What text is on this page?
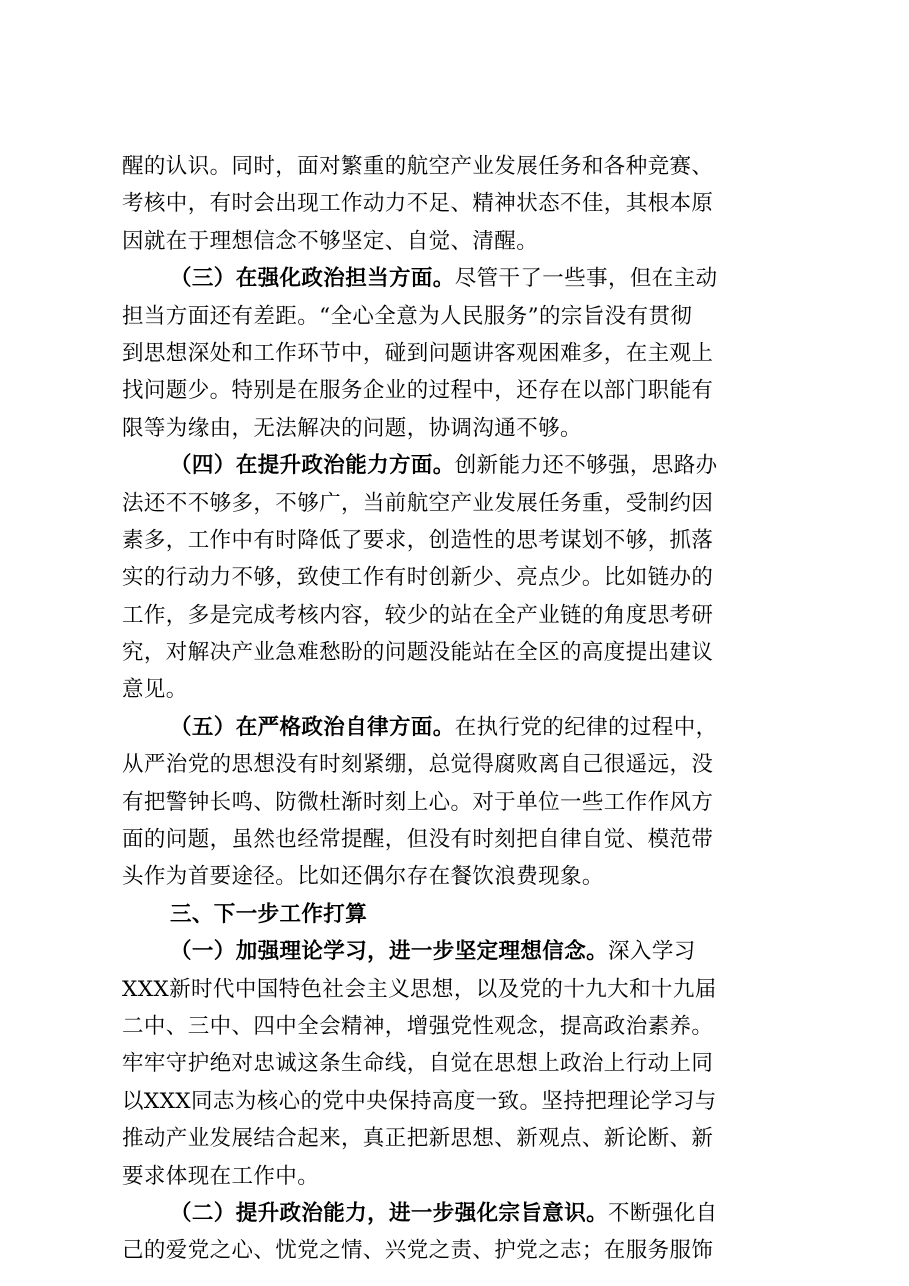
醒的认识。同时，面对繁重的航空产业发展任务和各种竞赛、
考核中，有时会出现工作动力不足、精神状态不佳，其根本原
因就在于理想信念不够坚定、自觉、清醒。
（三）在强化政治担当方面。尽管干了一些事，但在主动
担当方面还有差距。“全心全意为人民服务”的宗旨没有贯彻
到思想深处和工作环节中，碰到问题讲客观困难多，在主观上
找问题少。特别是在服务企业的过程中，还存在以部门职能有
限等为缘由，无法解决的问题，协调沟通不够。
（四）在提升政治能力方面。创新能力还不够强，思路办
法还不不够多，不够广，当前航空产业发展任务重，受制约因
素多，工作中有时降低了要求，创造性的思考谋划不够，抓落
实的行动力不够，致使工作有时创新少、亮点少。比如链办的
工作，多是完成考核内容，较少的站在全产业链的角度思考研
究，对解决产业急难愁盼的问题没能站在全区的高度提出建议
意见。
（五）在严格政治自律方面。在执行党的纪律的过程中，
从严治党的思想没有时刻紧绷，总觉得腐败离自己很遥远，没
有把警钟长鸣、防微杜渐时刻上心。对于单位一些工作作风方
面的问题，虽然也经常提醒，但没有时刻把自律自觉、模范带
头作为首要途径。比如还偶尔存在餐饮浪费现象。
三、下一步工作打算
（一）加强理论学习，进一步坚定理想信念。深入学习
XXX新时代中国特色社会主义思想，以及党的十九大和十九届
二中、三中、四中全会精神，增强党性观念，提高政治素养。
牢牢守护绝对忠诚这条生命线，自觉在思想上政治上行动上同
以XXX同志为核心的党中央保持高度一致。坚持把理论学习与
推动产业发展结合起来，真正把新思想、新观点、新论断、新
要求体现在工作中。
（二）提升政治能力，进一步强化宗旨意识。不断强化自
己的爱党之心、忧党之情、兴党之责、护党之志；在服务服饰
